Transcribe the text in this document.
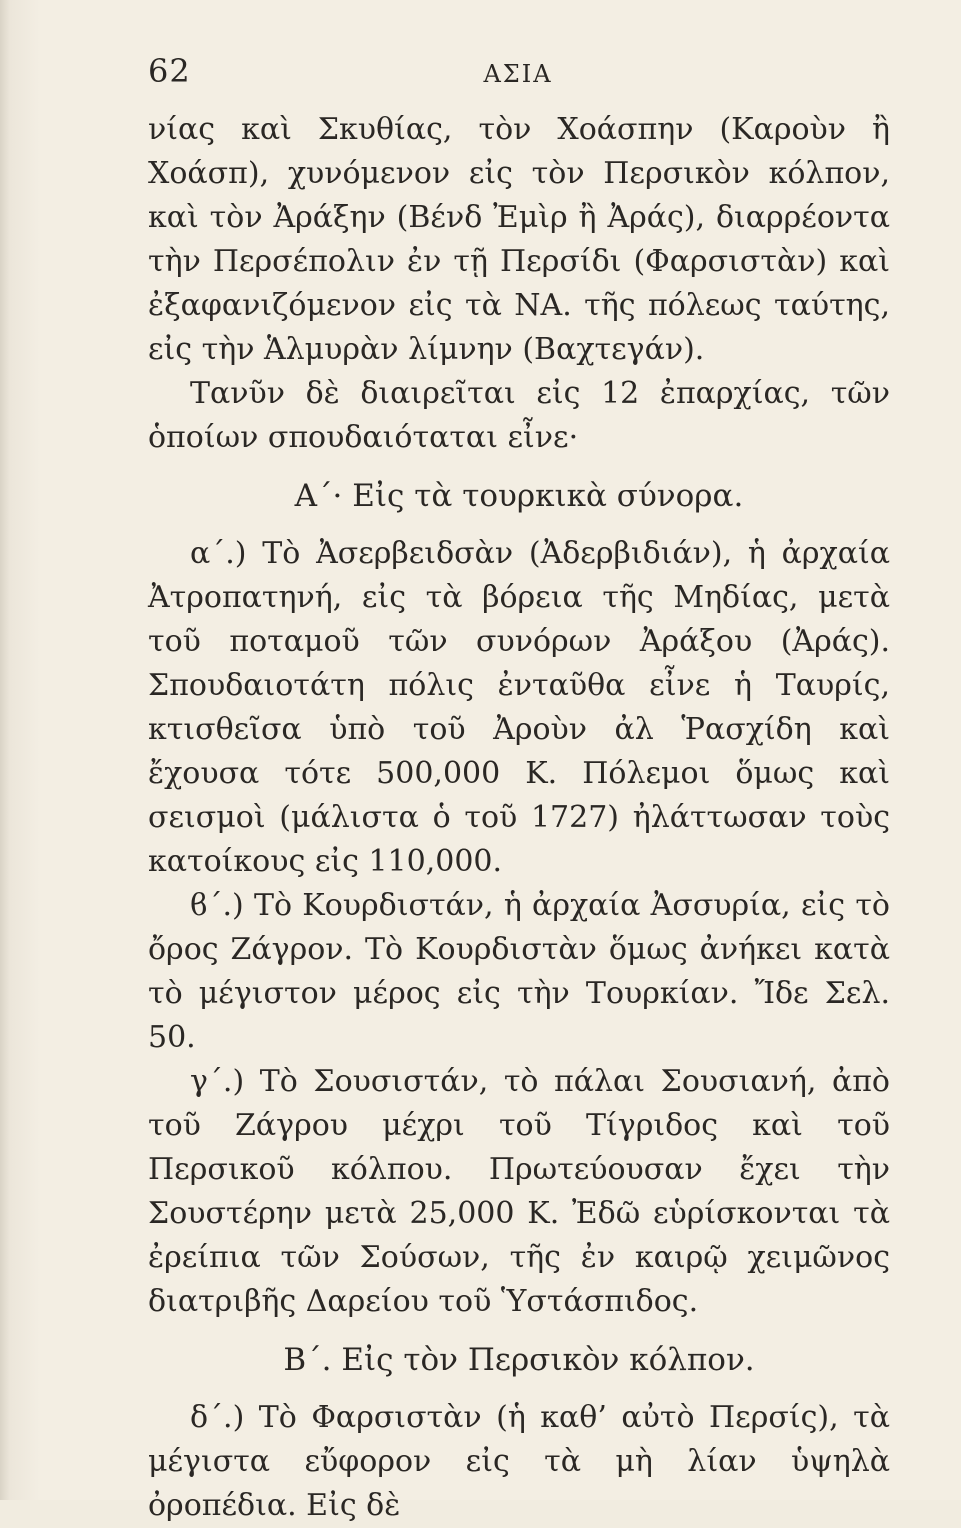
62	ΑΣΙΑ

νίας καὶ Σκυθίας, τὸν Χοάσπην (Καροὺν ἢ Χοάσπ), χυνόμενον εἰς τὸν Περσικὸν κόλπον, καὶ τὸν Ἀράξην (Βένδ Ἐμὶρ ἢ Ἀράς), διαρρέοντα τὴν Περσέπολιν ἐν τῇ Περσίδι (Φαρσιστὰν) καὶ ἐξαφανιζόμενον εἰς τὰ ΝΑ. τῆς πόλεως ταύτης, εἰς τὴν Ἁλμυρὰν λίμνην (Βαχτεγάν).

Τανῦν δὲ διαιρεῖται εἰς 12 ἐπαρχίας, τῶν ὁποίων σπουδαιόταται εἶνε·

Α΄· Εἰς τὰ τουρκικὰ σύνορα.

α΄.) Τὸ Ἀσερβειδσὰν (Ἀδερβιδιάν), ἡ ἀρχαία Ἀτροπατηνή, εἰς τὰ βόρεια τῆς Μηδίας, μετὰ τοῦ ποταμοῦ τῶν συνόρων Ἀράξου (Ἀράς). Σπουδαιοτάτη πόλις ἐνταῦθα εἶνε ἡ Ταυρίς, κτισθεῖσα ὑπὸ τοῦ Ἀροὺν ἀλ Ῥασχίδη καὶ ἔχουσα τότε 500,000 Κ. Πόλεμοι ὅμως καὶ σεισμοὶ (μάλιστα ὁ τοῦ 1727) ἠλάττωσαν τοὺς κατοίκους εἰς 110,000.

ϐ΄.) Τὸ Κουρδιστάν, ἡ ἀρχαία Ἀσσυρία, εἰς τὸ ὄρος Ζάγρον. Τὸ Κουρδιστὰν ὅμως ἀνήκει κατὰ τὸ μέγιστον μέρος εἰς τὴν Τουρκίαν. Ἴδε Σελ. 50.

γ΄.) Τὸ Σουσιστάν, τὸ πάλαι Σουσιανή, ἀπὸ τοῦ Ζάγρου μέχρι τοῦ Τίγριδος καὶ τοῦ Περσικοῦ κόλπου. Πρωτεύουσαν ἔχει τὴν Σουστέρην μετὰ 25,000 Κ. Ἐδῶ εὑρίσκονται τὰ ἐρείπια τῶν Σούσων, τῆς ἐν καιρῷ χειμῶνος διατριβῆς Δαρείου τοῦ Ὑστάσπιδος.

Β΄. Εἰς τὸν Περσικὸν κόλπον.

δ΄.) Τὸ Φαρσιστὰν (ἡ καθ’ αὐτὸ Περσίς), τὰ μέγιστα εὔφορον εἰς τὰ μὴ λίαν ὑψηλὰ ὀροπέδια. Εἰς δὲ
